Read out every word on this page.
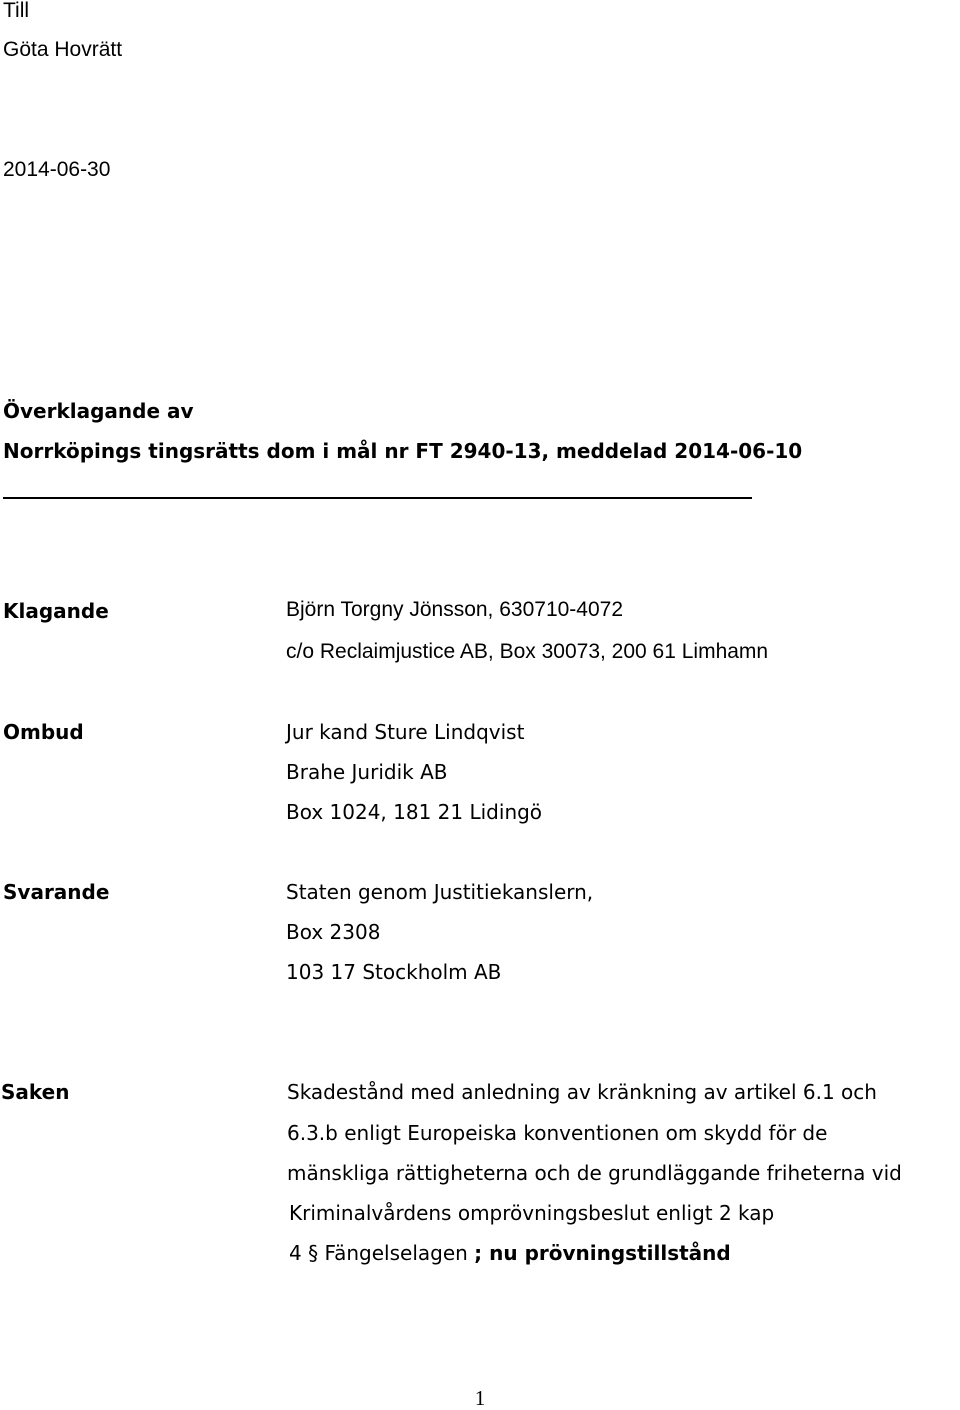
Till
Göta Hovrätt
2014-06-30
Överklagande av
Norrköpings tingsrätts dom i mål nr FT 2940-13, meddelad 2014-06-10
Klagande	Björn Torgny Jönsson, 630710-4072
c/o Reclaimjustice AB, Box 30073, 200 61 Limhamn
Ombud	Jur kand Sture Lindqvist
Brahe Juridik AB
Box 1024, 181 21 Lidingö
Svarande	Staten genom Justitiekanslern,
Box 2308
103 17 Stockholm AB
Saken	Skadestånd med anledning av kränkning av artikel 6.1 och
6.3.b enligt Europeiska konventionen om skydd för de
mänskliga rättigheterna och de grundläggande friheterna vid
Kriminalvårdens omprövningsbeslut enligt 2 kap
4 § Fängelselagen ; nu prövningstillstånd
1
